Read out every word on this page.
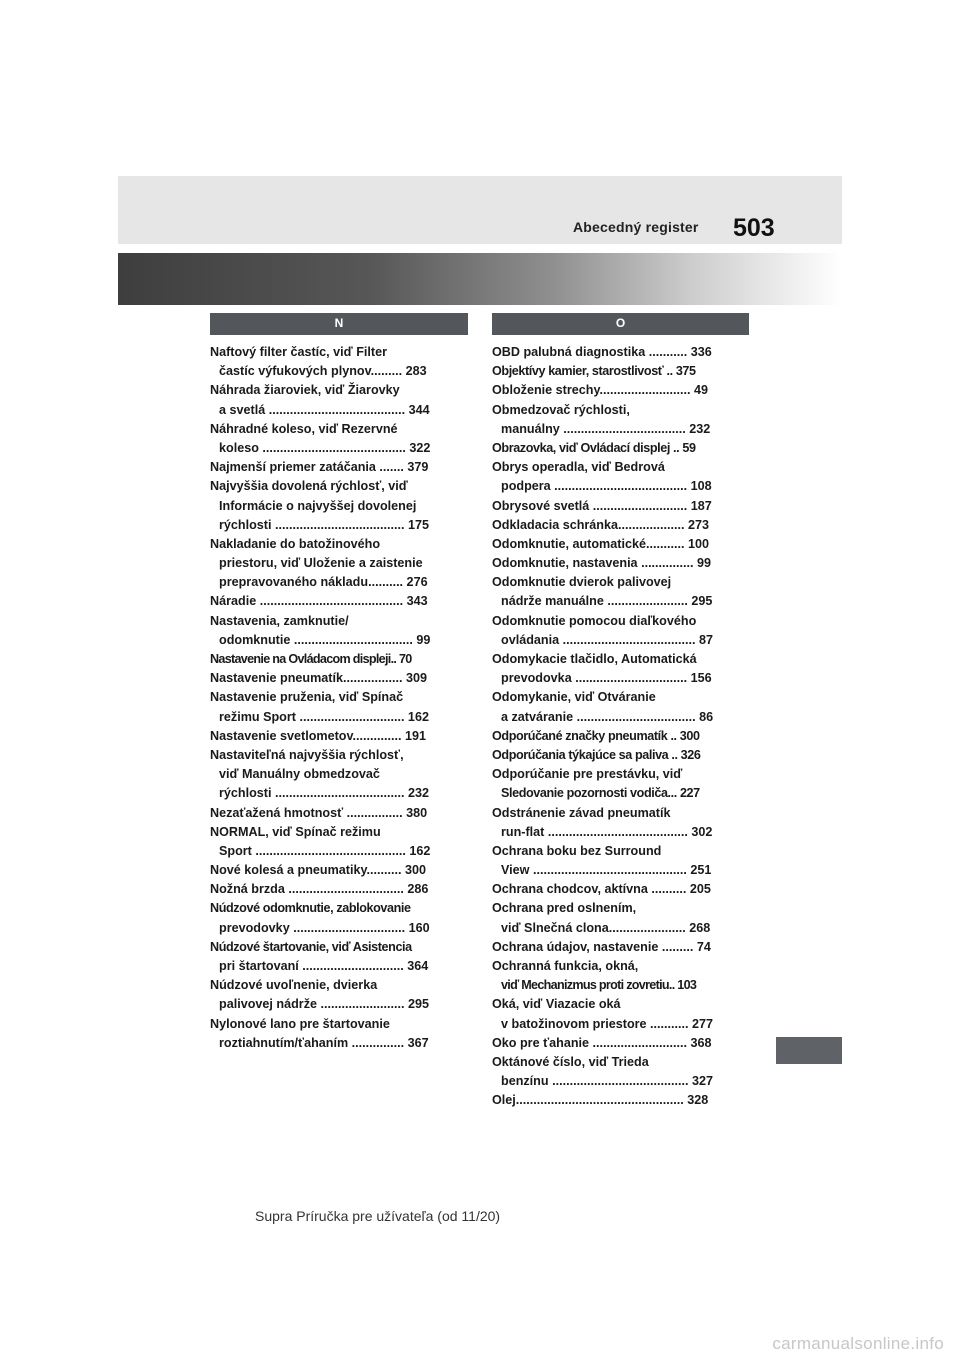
Abecedný register 503
N	O
Naftový filter častíc, viď Filter
častíc výfukových plynov......... 283
Náhrada žiaroviek, viď Žiarovky
a svetlá ....................................... 344
Náhradné koleso, viď Rezervné
koleso ......................................... 322
Najmenší priemer zatáčania ....... 379
Najvyššia dovolená rýchlosť, viď
Informácie o najvyššej dovolenej
rýchlosti ..................................... 175
Nakladanie do batožinového
priestoru, viď Uloženie a zaistenie
prepravovaného nákladu.......... 276
Náradie ......................................... 343
Nastavenia, zamknutie/
odomknutie .................................. 99
Nastavenie na Ovládacom displeji.. 70
Nastavenie pneumatík................. 309
Nastavenie pruženia, viď Spínač
režimu Sport .............................. 162
Nastavenie svetlometov.............. 191
Nastaviteľná najvyššia rýchlosť,
viď Manuálny obmedzovač
rýchlosti ..................................... 232
Nezaťažená hmotnosť ................ 380
NORMAL, viď Spínač režimu
Sport ........................................... 162
Nové kolesá a pneumatiky.......... 300
Nožná brzda ................................. 286
Núdzové odomknutie, zablokovanie
prevodovky ................................ 160
Núdzové štartovanie, viď Asistencia
pri štartovaní ............................. 364
Núdzové uvoľnenie, dvierka
palivovej nádrže ........................ 295
Nylonové lano pre štartovanie
roztiahnutím/ťahaním ............... 367
OBD palubná diagnostika ........... 336
Objektívy kamier, starostlivosť .. 375
Obloženie strechy.......................... 49
Obmedzovač rýchlosti,
manuálny ................................... 232
Obrazovka, viď Ovládací displej .. 59
Obrys operadla, viď Bedrová
podpera ...................................... 108
Obrysové svetlá ........................... 187
Odkladacia schránka................... 273
Odomknutie, automatické........... 100
Odomknutie, nastavenia ............... 99
Odomknutie dvierok palivovej
nádrže manuálne ....................... 295
Odomknutie pomocou diaľkového
ovládania ...................................... 87
Odomykacie tlačidlo, Automatická
prevodovka ................................ 156
Odomykanie, viď Otváranie
a zatváranie .................................. 86
Odporúčané značky pneumatík .. 300
Odporúčania týkajúce sa paliva .. 326
Odporúčanie pre prestávku, viď
Sledovanie pozornosti vodiča... 227
Odstránenie závad pneumatík
run-flat ........................................ 302
Ochrana boku bez Surround
View ............................................ 251
Ochrana chodcov, aktívna .......... 205
Ochrana pred oslnením,
viď Slnečná clona...................... 268
Ochrana údajov, nastavenie ......... 74
Ochranná funkcia, okná,
viď Mechanizmus proti zovretiu.. 103
Oká, viď Viazacie oká
v batožinovom priestore ........... 277
Oko pre ťahanie ........................... 368
Oktánové číslo, viď Trieda
benzínu ....................................... 327
Olej................................................ 328
Supra Príručka pre užívateľa (od 11/20)
carmanualsonline.info
